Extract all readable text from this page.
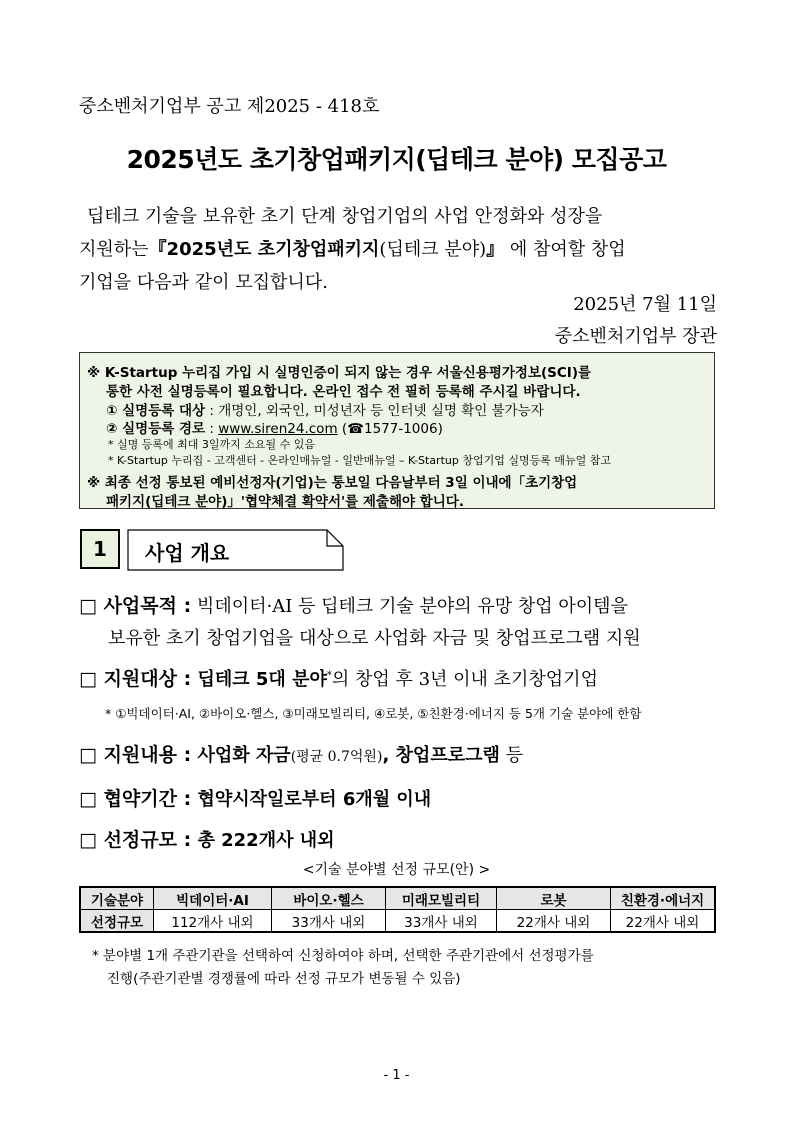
중소벤처기업부 공고 제2025 - 418호
2025년도 초기창업패키지(딥테크 분야) 모집공고
딥테크 기술을 보유한 초기 단계 창업기업의 사업 안정화와 성장을
지원하는『2025년도 초기창업패키지(딥테크 분야)』 에 참여할 창업
기업을 다음과 같이 모집합니다.
2025년 7월 11일
중소벤처기업부 장관
※ K-Startup 누리집 가입 시 실명인증이 되지 않는 경우 서울신용평가정보(SCI)를
통한 사전 실명등록이 필요합니다. 온라인 접수 전 필히 등록해 주시길 바랍니다.
① 실명등록 대상 : 개명인, 외국인, 미성년자 등 인터넷 실명 확인 불가능자
② 실명등록 경로 : www.siren24.com (☎1577-1006)
* 실명 등록에 최대 3일까지 소요될 수 있음
* K-Startup 누리집 - 고객센터 - 온라인매뉴얼 - 일반매뉴얼 – K-Startup 창업기업 실명등록 매뉴얼 참고
※ 최종 선정 통보된 예비선정자(기업)는 통보일 다음날부터 3일 이내에「초기창업
패키지(딥테크 분야)」'협약체결 확약서'를 제출해야 합니다.
1	사업 개요
□ 사업목적 : 빅데이터·AI 등 딥테크 기술 분야의 유망 창업 아이템을
보유한 초기 창업기업을 대상으로 사업화 자금 및 창업프로그램 지원
□ 지원대상 : 딥테크 5대 분야*의 창업 후 3년 이내 초기창업기업
* ①빅데이터·AI, ②바이오·헬스, ③미래모빌리티, ④로봇, ⑤친환경·에너지 등 5개 기술 분야에 한함
□ 지원내용 : 사업화 자금(평균 0.7억원), 창업프로그램 등
□ 협약기간 : 협약시작일로부터 6개월 이내
□ 선정규모 : 총 222개사 내외
<기술 분야별 선정 규모(안) >
기술분야	빅데이터·AI	바이오·헬스	미래모빌리티	로봇	친환경·에너지
선정규모	112개사 내외	33개사 내외	33개사 내외	22개사 내외	22개사 내외
* 분야별 1개 주관기관을 선택하여 신청하여야 하며, 선택한 주관기관에서 선정평가를
진행(주관기관별 경쟁률에 따라 선정 규모가 변동될 수 있음)
- 1 -
